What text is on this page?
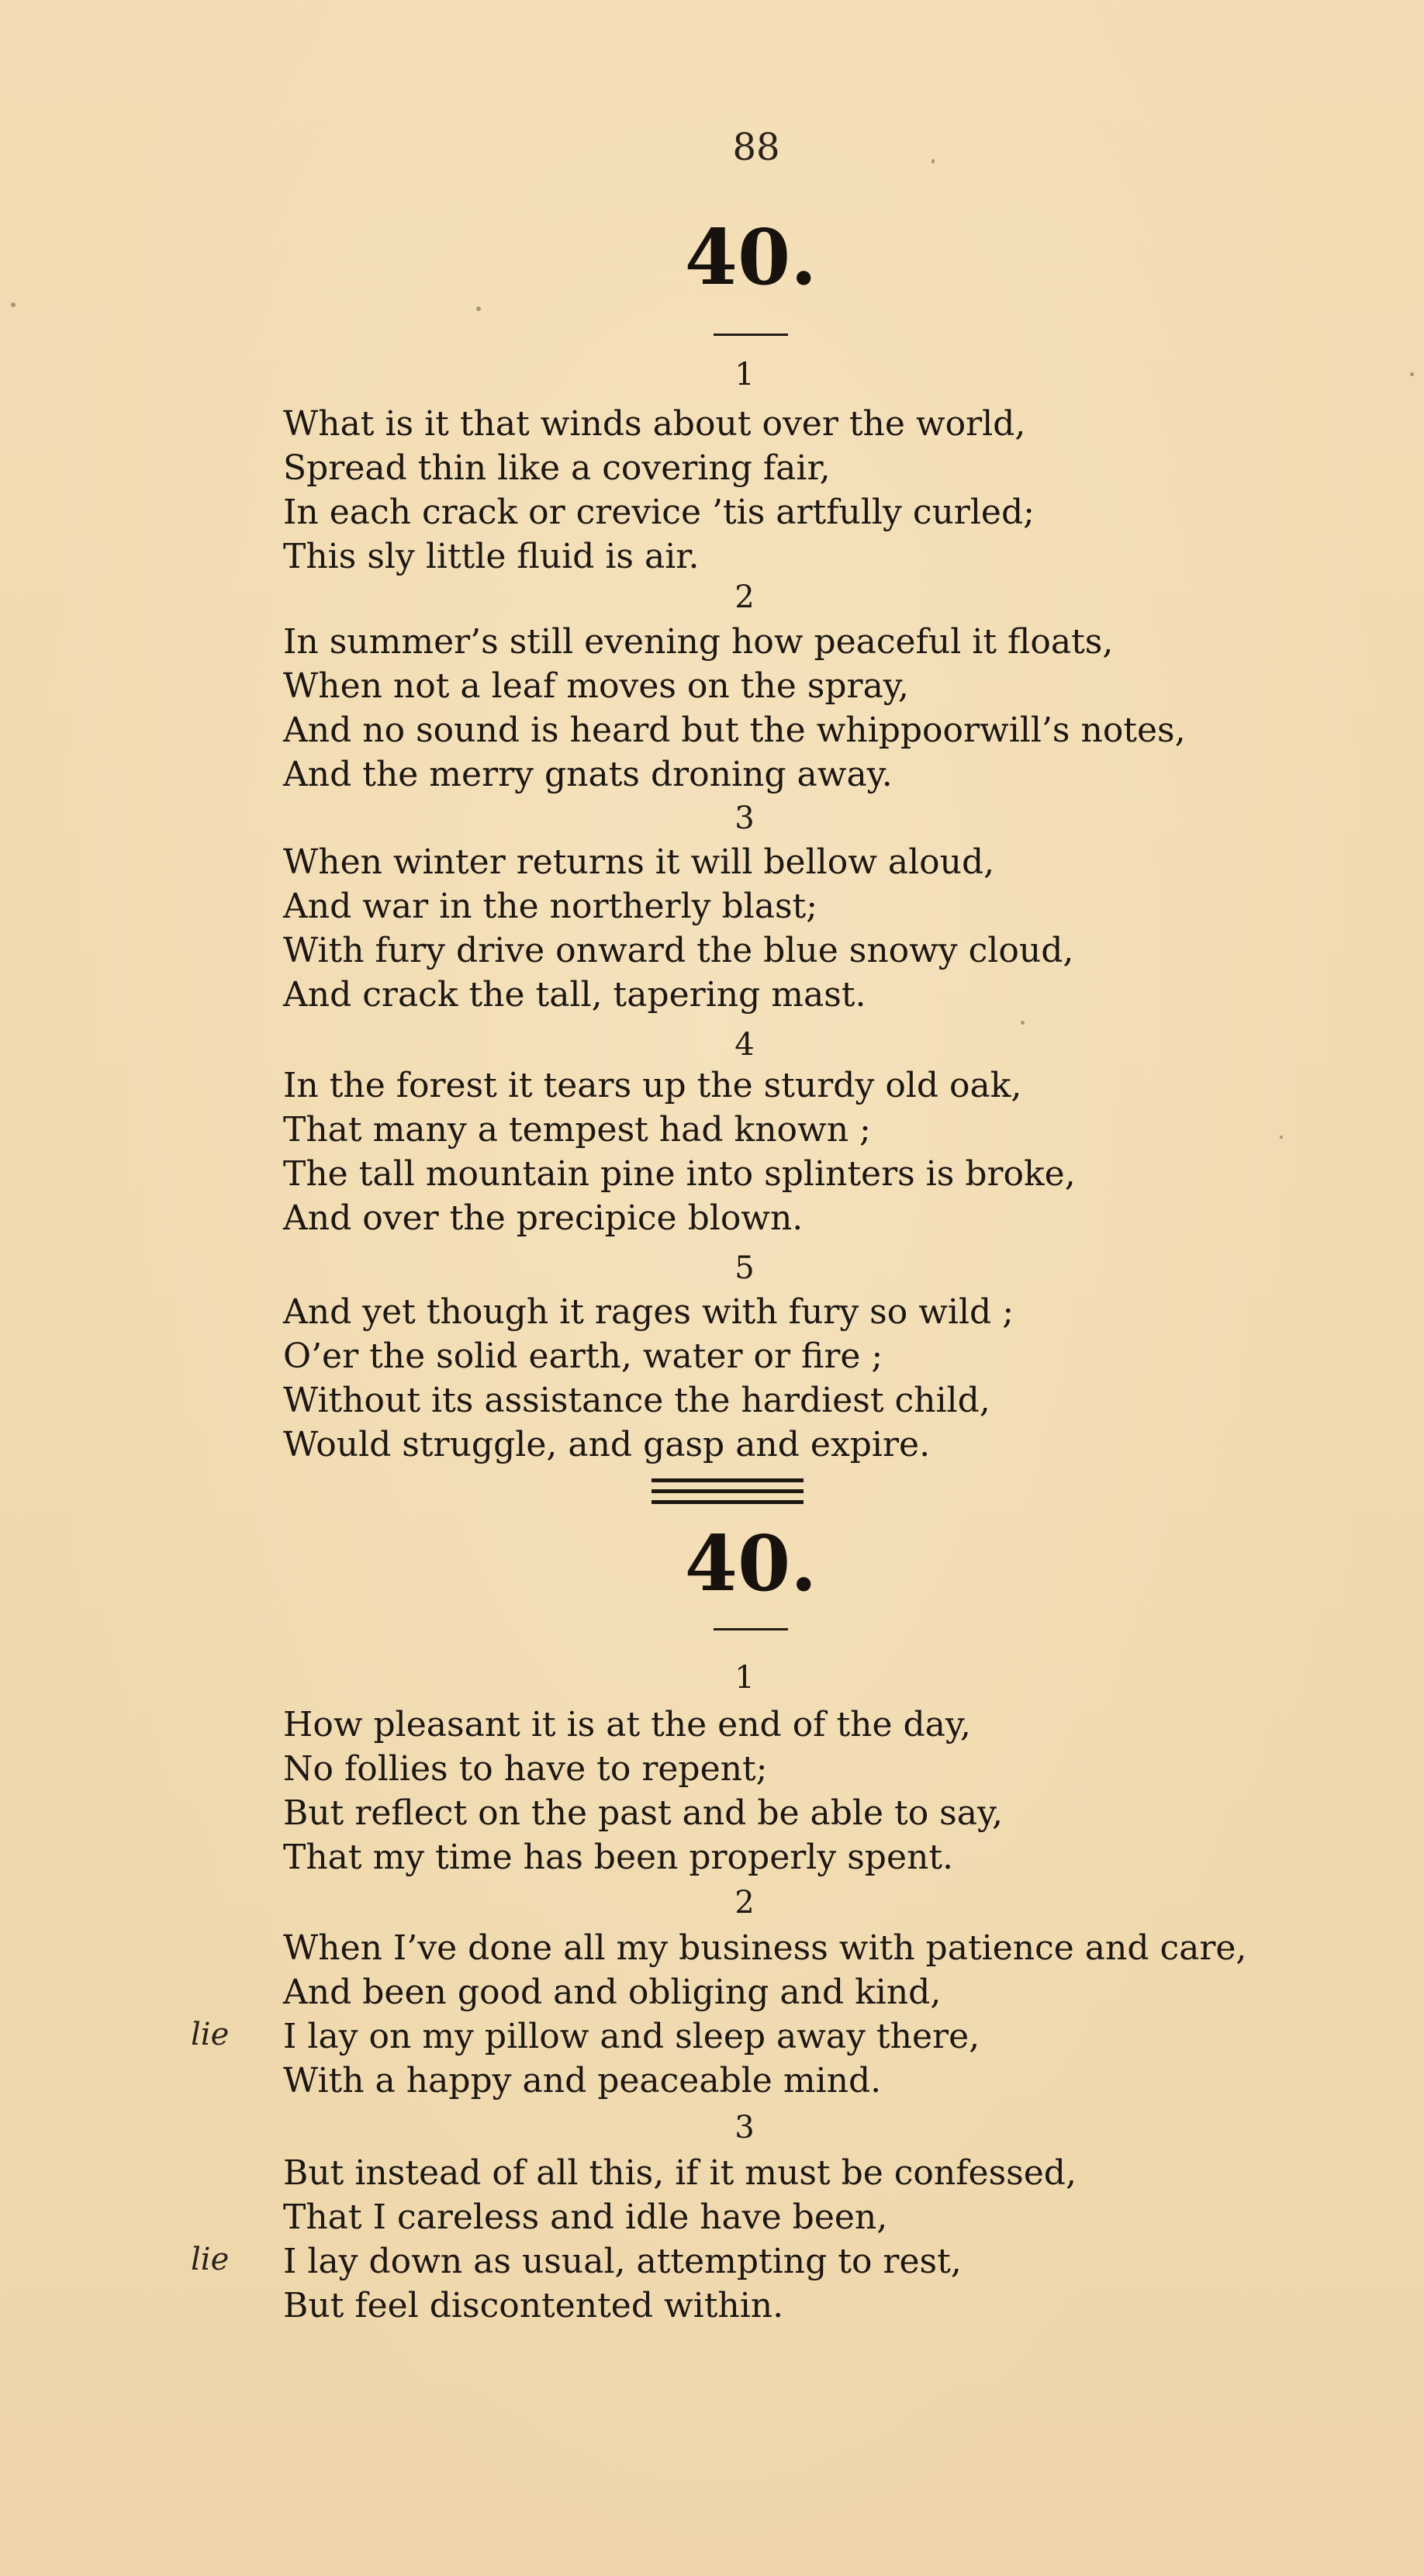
88
40.
1
What is it that winds about over the world,
Spread thin like a covering fair,
In each crack or crevice ’tis artfully curled;
This sly little fluid is air.
2
In summer’s still evening how peaceful it floats,
When not a leaf moves on the spray,
And no sound is heard but the whippoorwill’s notes,
And the merry gnats droning away.
3
When winter returns it will bellow aloud,
And war in the northerly blast;
With fury drive onward the blue snowy cloud,
And crack the tall, tapering mast.
4
In the forest it tears up the sturdy old oak,
That many a tempest had known ;
The tall mountain pine into splinters is broke,
And over the precipice blown.
5
And yet though it rages with fury so wild ;
O’er the solid earth, water or fire ;
Without its assistance the hardiest child,
Would struggle, and gasp and expire.
40.
1
How pleasant it is at the end of the day,
No follies to have to repent;
But reflect on the past and be able to say,
That my time has been properly spent.
2
When I’ve done all my business with patience and care,
And been good and obliging and kind,
lie I lay on my pillow and sleep away there,
With a happy and peaceable mind.
3
But instead of all this, if it must be confessed,
That I careless and idle have been,
lie I lay down as usual, attempting to rest,
But feel discontented within.
